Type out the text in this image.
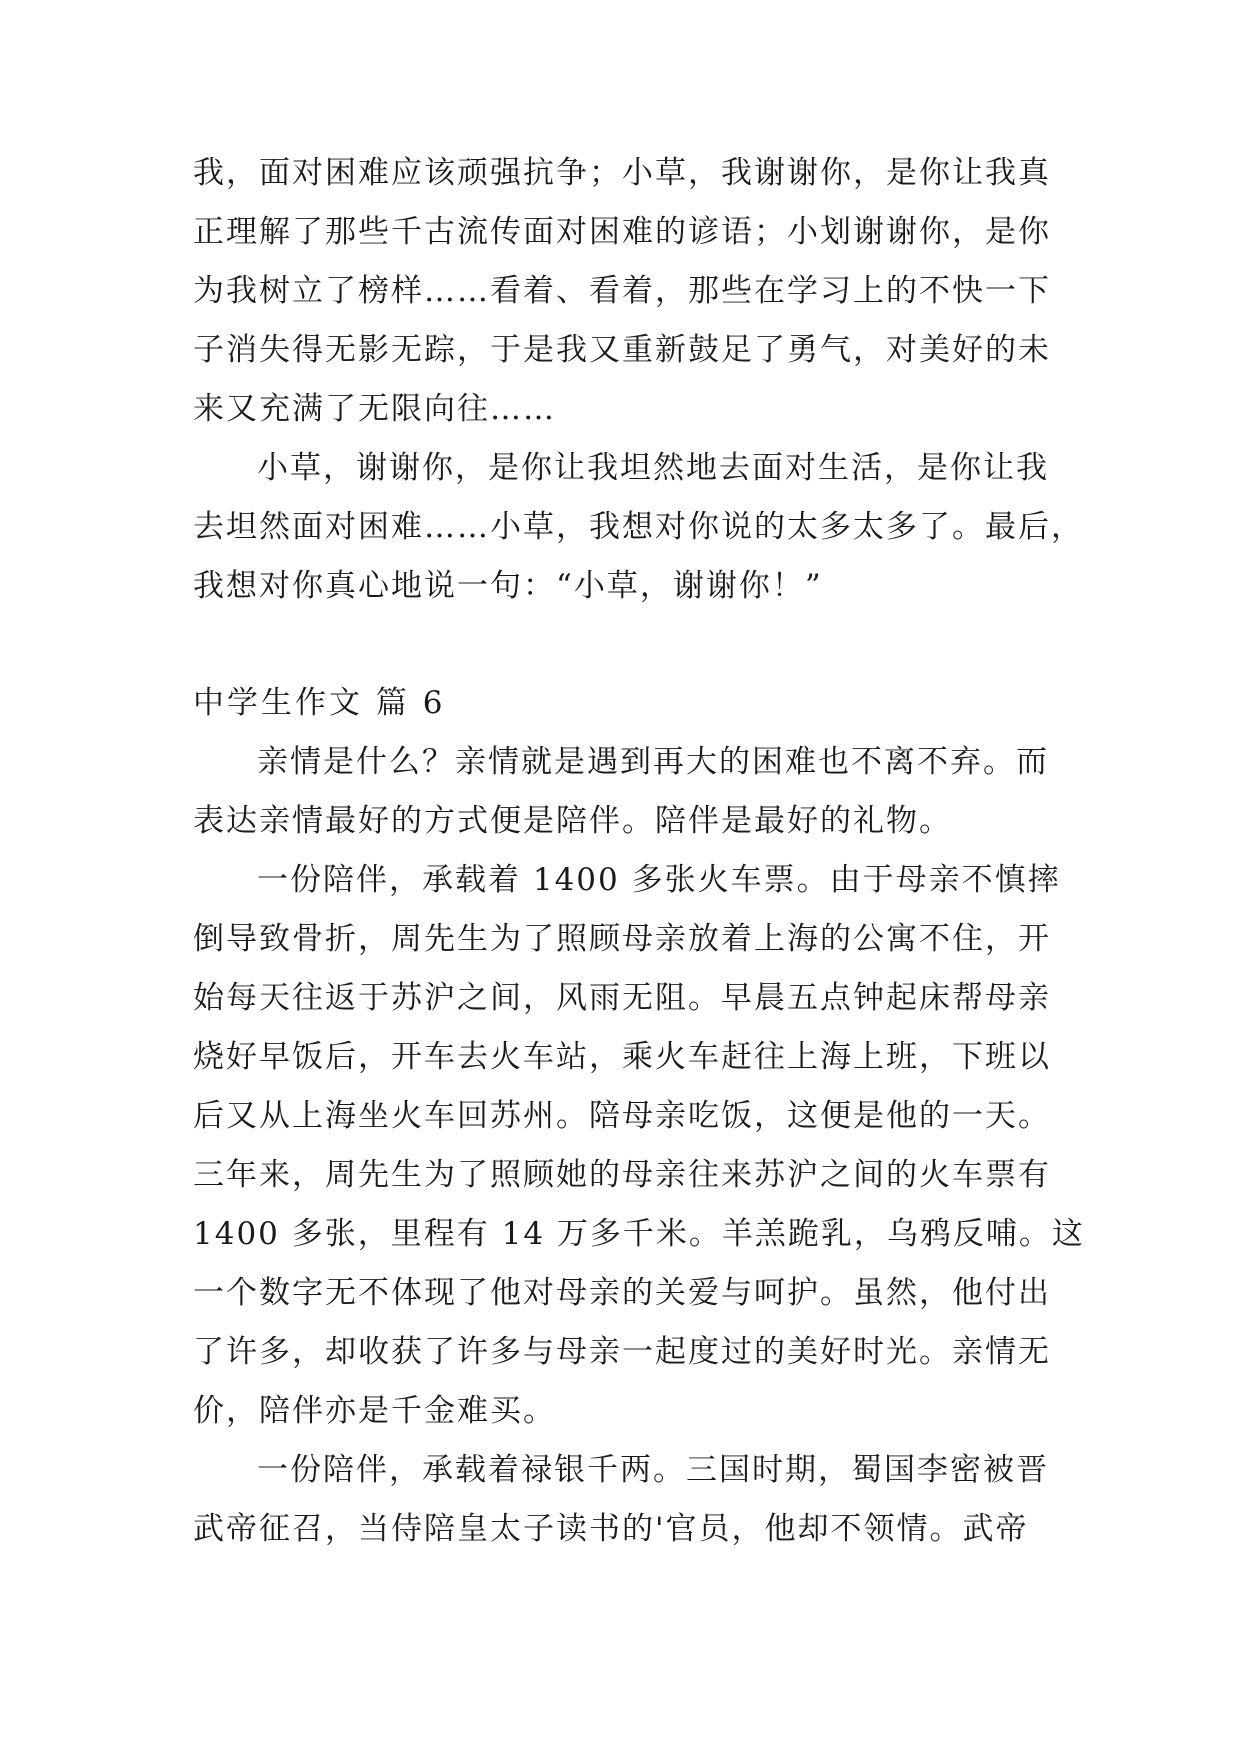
我，面对困难应该顽强抗争；小草，我谢谢你，是你让我真
正理解了那些千古流传面对困难的谚语；小划谢谢你，是你
为我树立了榜样……看着、看着，那些在学习上的不快一下
子消失得无影无踪，于是我又重新鼓足了勇气，对美好的未
来又充满了无限向往……
小草，谢谢你，是你让我坦然地去面对生活，是你让我
去坦然面对困难……小草，我想对你说的太多太多了。最后，
我想对你真心地说一句：“小草，谢谢你！”
中学生作文 篇 6
亲情是什么？亲情就是遇到再大的困难也不离不弃。而
表达亲情最好的方式便是陪伴。陪伴是最好的礼物。
一份陪伴，承载着 1400 多张火车票。由于母亲不慎摔
倒导致骨折，周先生为了照顾母亲放着上海的公寓不住，开
始每天往返于苏沪之间，风雨无阻。早晨五点钟起床帮母亲
烧好早饭后，开车去火车站，乘火车赶往上海上班，下班以
后又从上海坐火车回苏州。陪母亲吃饭，这便是他的一天。
三年来，周先生为了照顾她的母亲往来苏沪之间的火车票有
1400 多张，里程有 14 万多千米。羊羔跪乳，乌鸦反哺。这
一个数字无不体现了他对母亲的关爱与呵护。虽然，他付出
了许多，却收获了许多与母亲一起度过的美好时光。亲情无
价，陪伴亦是千金难买。
一份陪伴，承载着禄银千两。三国时期，蜀国李密被晋
武帝征召，当侍陪皇太子读书的'官员，他却不领情。武帝
